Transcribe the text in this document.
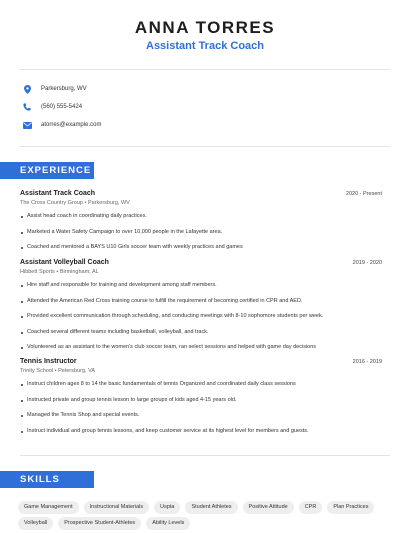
ANNA TORRES
Assistant Track Coach
Parkersburg, WV
(560) 555-5424
atorres@example.com
EXPERIENCE
Assistant Track Coach	2020 - Present
The Cross Country Group • Parkersburg, WV
Assist head coach in coordinating daily practices.
Marketed a Water Safety Campaign to over 10,000 people in the Lafayette area.
Coached and mentored a BAYS U10 Girls soccer team with weekly practices and games
Assistant Volleyball Coach	2019 - 2020
Hibbett Sports • Birmingham, AL
Hire staff and responsible for training and development among staff members.
Attended the American Red Cross training course to fulfill the requirement of becoming certified in CPR and AED.
Provided excellent communication through scheduling, and conducting meetings with 8-10 sophomore students per week.
Coached several different teams including basketball, volleyball, and track.
Volunteered as an assistant to the women's club soccer team, ran select sessions and helped with game day decisions
Tennis Instructor	2016 - 2019
Trinity School • Petersburg, VA
Instruct children ages 8 to 14 the basic fundamentals of tennis Organized and coordinated daily class sessions
Instructed private and group tennis lesson to large groups of kids aged 4-15 years old.
Managed the Tennis Shop and special events.
Instruct individual and group tennis lessons, and keep customer service at its highest level for members and guests.
SKILLS
Game Management	Instructional Materials	Uspta	Student Athletes	Positive Attitude	CPR	Plan Practices
Volleyball	Prospective Student-Athletes	Ability Levels
